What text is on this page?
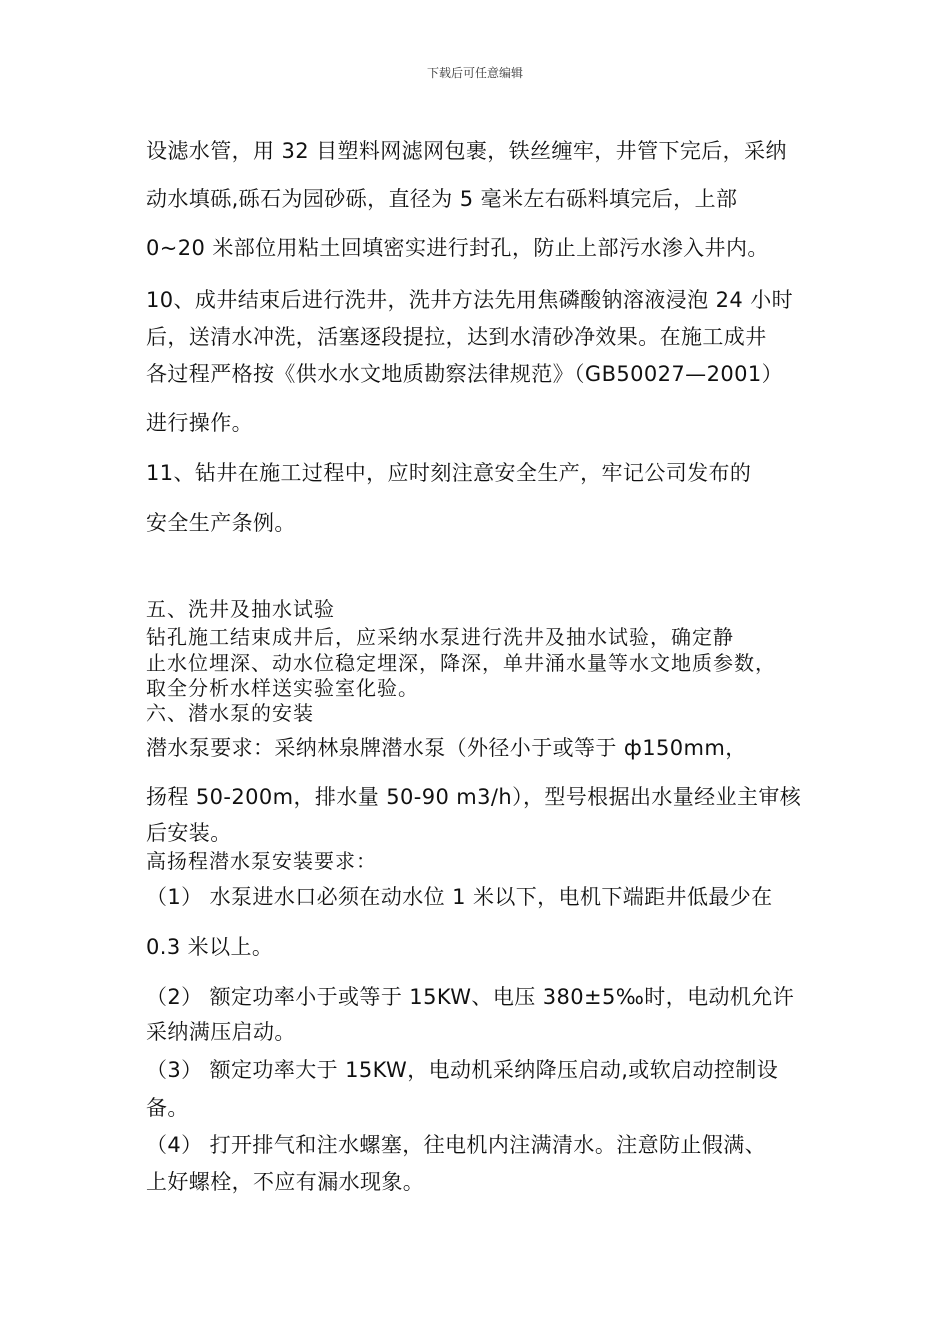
下载后可任意编辑
设滤水管，用 32 目塑料网滤网包裹，铁丝缠牢，井管下完后，采纳
动水填砾,砾石为园砂砾，直径为 5 毫米左右砾料填完后，上部
0~20 米部位用粘土回填密实进行封孔，防止上部污水渗入井内。
10、成井结束后进行洗井，洗井方法先用焦磷酸钠溶液浸泡 24 小时
后，送清水冲洗，活塞逐段提拉，达到水清砂净效果。在施工成井
各过程严格按《供水水文地质勘察法律规范》（GB50027—2001）
进行操作。
11、钻井在施工过程中，应时刻注意安全生产，牢记公司发布的
安全生产条例。
五、洗井及抽水试验
钻孔施工结束成井后，应采纳水泵进行洗井及抽水试验，确定静
止水位埋深、动水位稳定埋深，降深，单井涌水量等水文地质参数，
取全分析水样送实验室化验。
六、潜水泵的安装
潜水泵要求：采纳林泉牌潜水泵（外径小于或等于 ф150mm，
扬程 50-200m，排水量 50-90 m3/h），型号根据出水量经业主审核
后安装。
高扬程潜水泵安装要求：
（1） 水泵进水口必须在动水位 1 米以下，电机下端距井低最少在
0.3 米以上。
（2） 额定功率小于或等于 15KW、电压 380±5‰时，电动机允许
采纳满压启动。
（3） 额定功率大于 15KW，电动机采纳降压启动,或软启动控制设
备。
（4） 打开排气和注水螺塞，往电机内注满清水。注意防止假满、
上好螺栓，不应有漏水现象。
